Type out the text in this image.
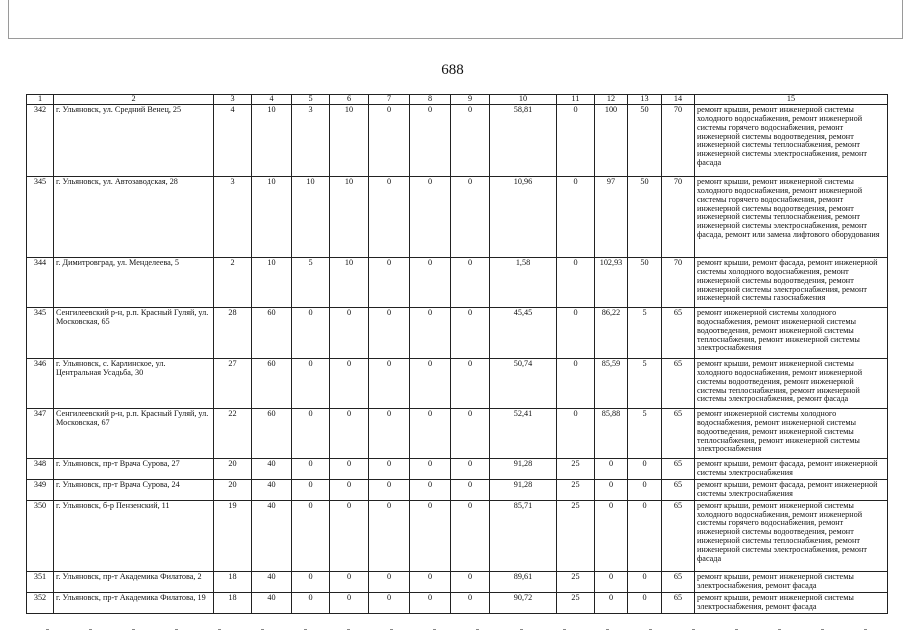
688
1	2	3	4	5	6	7	8	9	10	11	12	13	14	15
342	г. Ульяновск, ул. Средний Венец, 25	4	10	3	10	0	0	0	58,81	0	100	50	70	ремонт крыши, ремонт инженерной системы холодного водоснабжения, ремонт инженерной системы горячего водоснабжения, ремонт инженерной системы водоотведения, ремонт инженерной системы теплоснабжения, ремонт инженерной системы электроснабжения, ремонт фасада
345	г. Ульяновск, ул. Автозаводская, 28	3	10	10	10	0	0	0	10,96	0	97	50	70	ремонт крыши, ремонт инженерной системы холодного водоснабжения, ремонт инженерной системы горячего водоснабжения, ремонт инженерной системы водоотведения, ремонт инженерной системы теплоснабжения, ремонт инженерной системы электроснабжения, ремонт фасада, ремонт или замена лифтового оборудования
344	г. Димитровград, ул. Менделеева, 5	2	10	5	10	0	0	0	1,58	0	102,93	50	70	ремонт крыши, ремонт фасада, ремонт инженерной системы холодного водоснабжения, ремонт инженерной системы водоотведения, ремонт инженерной системы электроснабжения, ремонт инженерной системы газоснабжения
345	Сенгилеевский р-н, р.п. Красный Гуляй, ул. Московская, 65	28	60	0	0	0	0	0	45,45	0	86,22	5	65	ремонт инженерной системы холодного водоснабжения, ремонт инженерной системы водоотведения, ремонт инженерной системы теплоснабжения, ремонт инженерной системы электроснабжения
346	г. Ульяновск, с. Карлинское, ул. Центральная Усадьба, 30	27	60	0	0	0	0	0	50,74	0	85,59	5	65	ремонт крыши, ремонт инженерной системы холодного водоснабжения, ремонт инженерной системы водоотведения, ремонт инженерной системы теплоснабжения, ремонт инженерной системы электроснабжения, ремонт фасада
347	Сенгилеевский р-н, р.п. Красный Гуляй, ул. Московская, 67	22	60	0	0	0	0	0	52,41	0	85,88	5	65	ремонт инженерной системы холодного водоснабжения, ремонт инженерной системы водоотведения, ремонт инженерной системы теплоснабжения, ремонт инженерной системы электроснабжения
348	г. Ульяновск, пр-т Врача Сурова, 27	20	40	0	0	0	0	0	91,28	25	0	0	65	ремонт крыши, ремонт фасада, ремонт инженерной системы электроснабжения
349	г. Ульяновск, пр-т Врача Сурова, 24	20	40	0	0	0	0	0	91,28	25	0	0	65	ремонт крыши, ремонт фасада, ремонт инженерной системы электроснабжения
350	г. Ульяновск, б-р Пензенский, 11	19	40	0	0	0	0	0	85,71	25	0	0	65	ремонт крыши, ремонт инженерной системы холодного водоснабжения, ремонт инженерной системы горячего водоснабжения, ремонт инженерной системы водоотведения, ремонт инженерной системы теплоснабжения, ремонт инженерной системы электроснабжения, ремонт фасада
351	г. Ульяновск, пр-т Академика Филатова, 2	18	40	0	0	0	0	0	89,61	25	0	0	65	ремонт крыши, ремонт инженерной системы электроснабжения, ремонт фасада
352	г. Ульяновск, пр-т Академика Филатова, 19	18	40	0	0	0	0	0	90,72	25	0	0	65	ремонт крыши, ремонт инженерной системы электроснабжения, ремонт фасада
